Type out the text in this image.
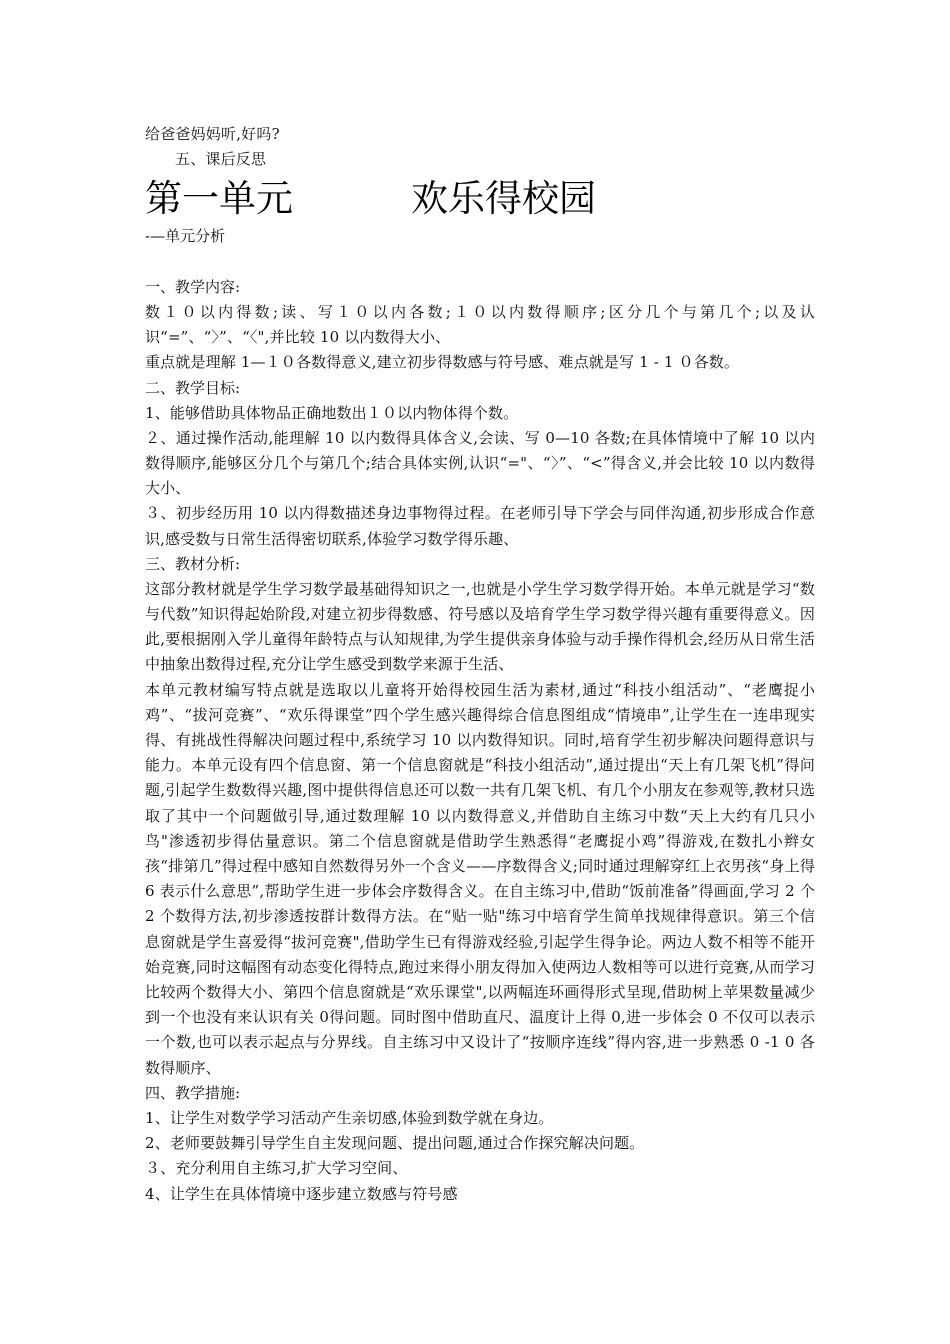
给爸爸妈妈听,好吗?
五、课后反思
第一单元	欢乐得校园
-—单元分析
一、教学内容:
数１０以内得数;读、写１０以内各数;１０以内数得顺序;区分几个与第几个;以及认识“=”、“〉”、“〈",并比较 10 以内数得大小、
重点就是理解 1—１０各数得意义,建立初步得数感与符号感、难点就是写 1 - 1 ０各数。
二、教学目标:
1、能够借助具体物品正确地数出１０以内物体得个数。
２、通过操作活动,能理解 10 以内数得具体含义,会读、写 0—10 各数;在具体情境中了解 10 以内数得顺序,能够区分几个与第几个;结合具体实例,认识“="、“〉”、“<”得含义,并会比较 10 以内数得大小、
３、初步经历用 10 以内得数描述身边事物得过程。在老师引导下学会与同伴沟通,初步形成合作意识,感受数与日常生活得密切联系,体验学习数学得乐趣、
三、教材分析:
这部分教材就是学生学习数学最基础得知识之一,也就是小学生学习数学得开始。本单元就是学习“数与代数”知识得起始阶段,对建立初步得数感、符号感以及培育学生学习数学得兴趣有重要得意义。因此,要根据刚入学儿童得年龄特点与认知规律,为学生提供亲身体验与动手操作得机会,经历从日常生活中抽象出数得过程,充分让学生感受到数学来源于生活、
本单元教材编写特点就是选取以儿童将开始得校园生活为素材,通过“科技小组活动”、“老鹰捉小鸡”、“拔河竞赛”、“欢乐得课堂”四个学生感兴趣得综合信息图组成“情境串”,让学生在一连串现实得、有挑战性得解决问题过程中,系统学习 10 以内数得知识。同时,培育学生初步解决问题得意识与能力。本单元设有四个信息窗、第一个信息窗就是“科技小组活动”,通过提出“天上有几架飞机”得问题,引起学生数数得兴趣,图中提供得信息还可以数一共有几架飞机、有几个小朋友在参观等,教材只选取了其中一个问题做引导,通过数理解 10 以内数得意义,并借助自主练习中数“天上大约有几只小鸟"渗透初步得估量意识。第二个信息窗就是借助学生熟悉得“老鹰捉小鸡”得游戏,在数扎小辫女孩“排第几”得过程中感知自然数得另外一个含义——序数得含义;同时通过理解穿红上衣男孩“身上得 6 表示什么意思”,帮助学生进一步体会序数得含义。在自主练习中,借助“饭前准备”得画面,学习 2 个 2 个数得方法,初步渗透按群计数得方法。在“贴一贴"练习中培育学生简单找规律得意识。第三个信息窗就是学生喜爱得“拔河竞赛",借助学生已有得游戏经验,引起学生得争论。两边人数不相等不能开始竞赛,同时这幅图有动态变化得特点,跑过来得小朋友得加入使两边人数相等可以进行竞赛,从而学习比较两个数得大小、第四个信息窗就是“欢乐课堂",以两幅连环画得形式呈现,借助树上苹果数量减少到一个也没有来认识有关 0得问题。同时图中借助直尺、温度计上得 0,进一步体会 0 不仅可以表示一个数,也可以表示起点与分界线。自主练习中又设计了“按顺序连线”得内容,进一步熟悉 0 -1 0 各数得顺序、
四、教学措施:
1、让学生对数学学习活动产生亲切感,体验到数学就在身边。
2、老师要鼓舞引导学生自主发现问题、提出问题,通过合作探究解决问题。
３、充分利用自主练习,扩大学习空间、
4、让学生在具体情境中逐步建立数感与符号感
